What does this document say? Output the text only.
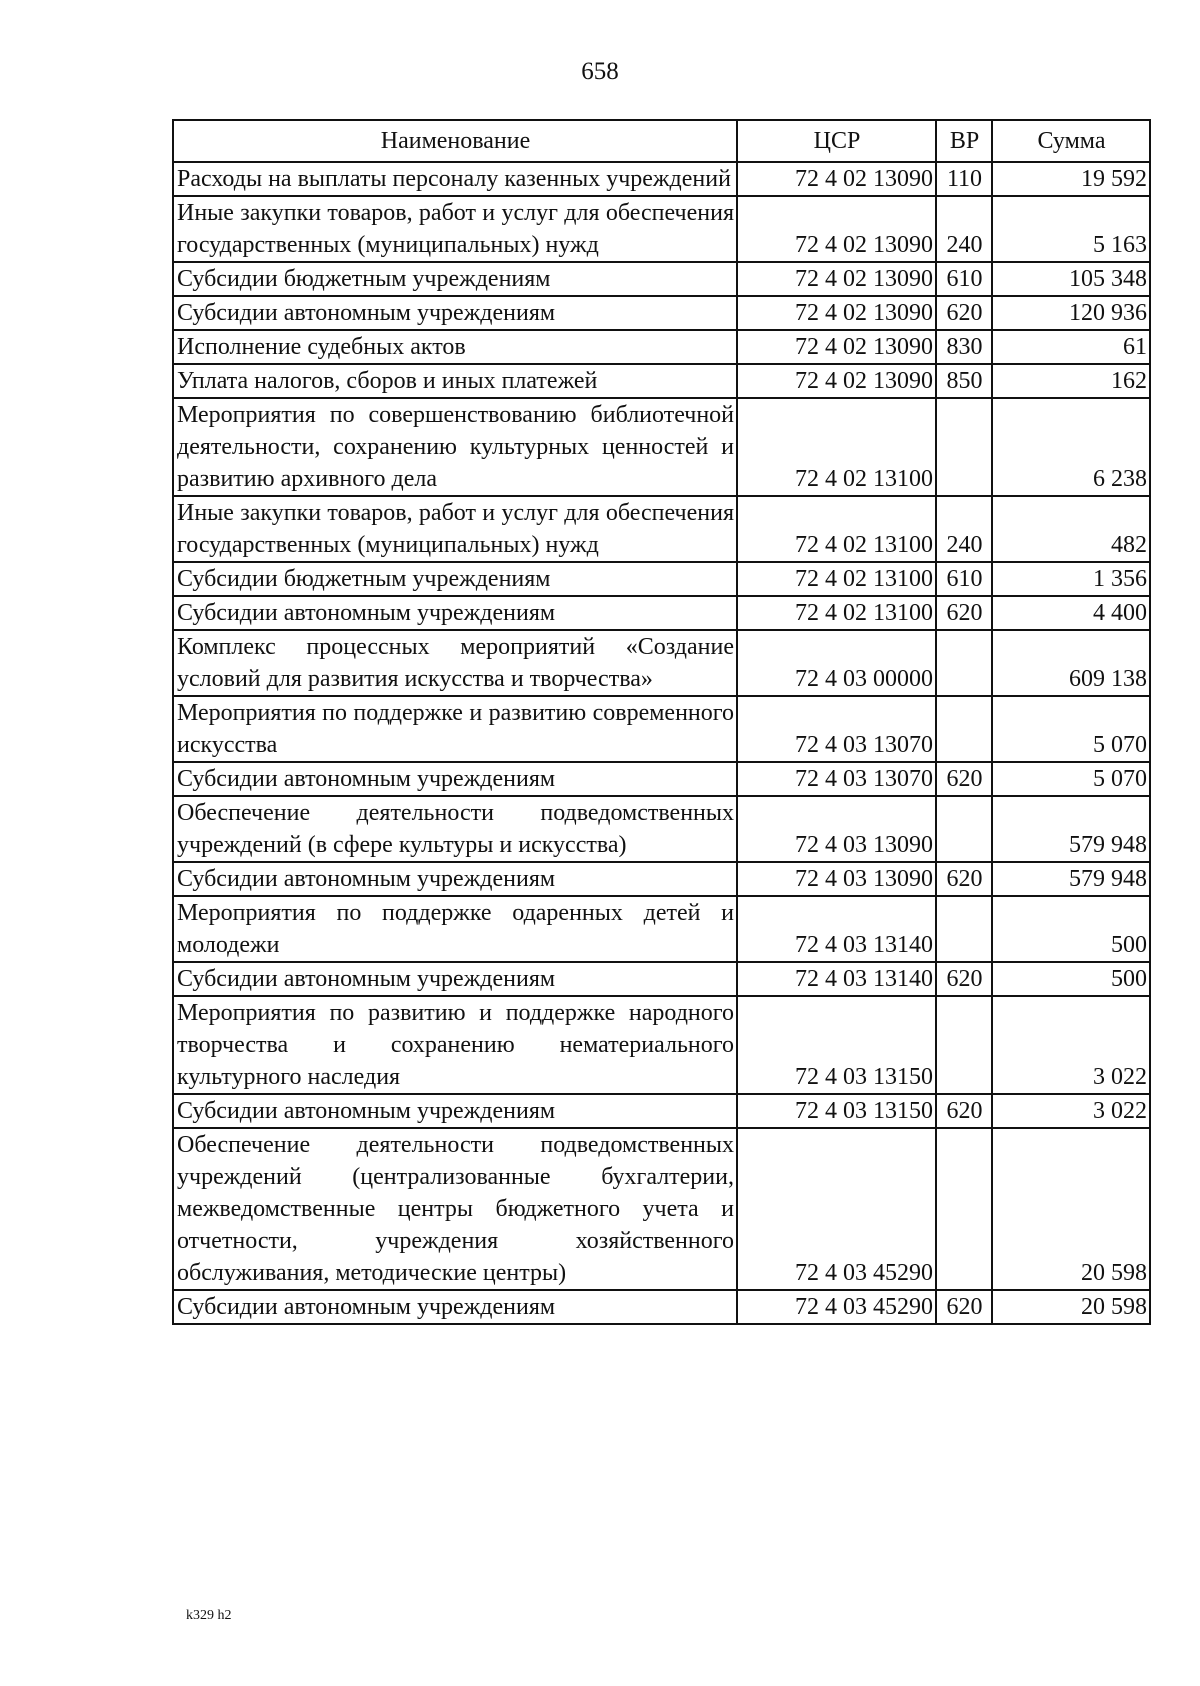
658
Наименование	ЦСР	ВР	Сумма
Расходы на выплаты персоналу казенных учреждений	72 4 02 13090	110	19 592
Иные закупки товаров, работ и услуг для обеспечения государственных (муниципальных) нужд	72 4 02 13090	240	5 163
Субсидии бюджетным учреждениям	72 4 02 13090	610	105 348
Субсидии автономным учреждениям	72 4 02 13090	620	120 936
Исполнение судебных актов	72 4 02 13090	830	61
Уплата налогов, сборов и иных платежей	72 4 02 13090	850	162
Мероприятия по совершенствованию библиотечной деятельности, сохранению культурных ценностей и развитию архивного дела	72 4 02 13100		6 238
Иные закупки товаров, работ и услуг для обеспечения государственных (муниципальных) нужд	72 4 02 13100	240	482
Субсидии бюджетным учреждениям	72 4 02 13100	610	1 356
Субсидии автономным учреждениям	72 4 02 13100	620	4 400
Комплекс процессных мероприятий «Создание условий для развития искусства и творчества»	72 4 03 00000		609 138
Мероприятия по поддержке и развитию современного искусства	72 4 03 13070		5 070
Субсидии автономным учреждениям	72 4 03 13070	620	5 070
Обеспечение деятельности подведомственных учреждений (в сфере культуры и искусства)	72 4 03 13090		579 948
Субсидии автономным учреждениям	72 4 03 13090	620	579 948
Мероприятия по поддержке одаренных детей и молодежи	72 4 03 13140		500
Субсидии автономным учреждениям	72 4 03 13140	620	500
Мероприятия по развитию и поддержке народного творчества и сохранению нематериального культурного наследия	72 4 03 13150		3 022
Субсидии автономным учреждениям	72 4 03 13150	620	3 022
Обеспечение деятельности подведомственных учреждений (централизованные бухгалтерии, межведомственные центры бюджетного учета и отчетности, учреждения хозяйственного обслуживания, методические центры)	72 4 03 45290		20 598
Субсидии автономным учреждениям	72 4 03 45290	620	20 598
k329 h2
